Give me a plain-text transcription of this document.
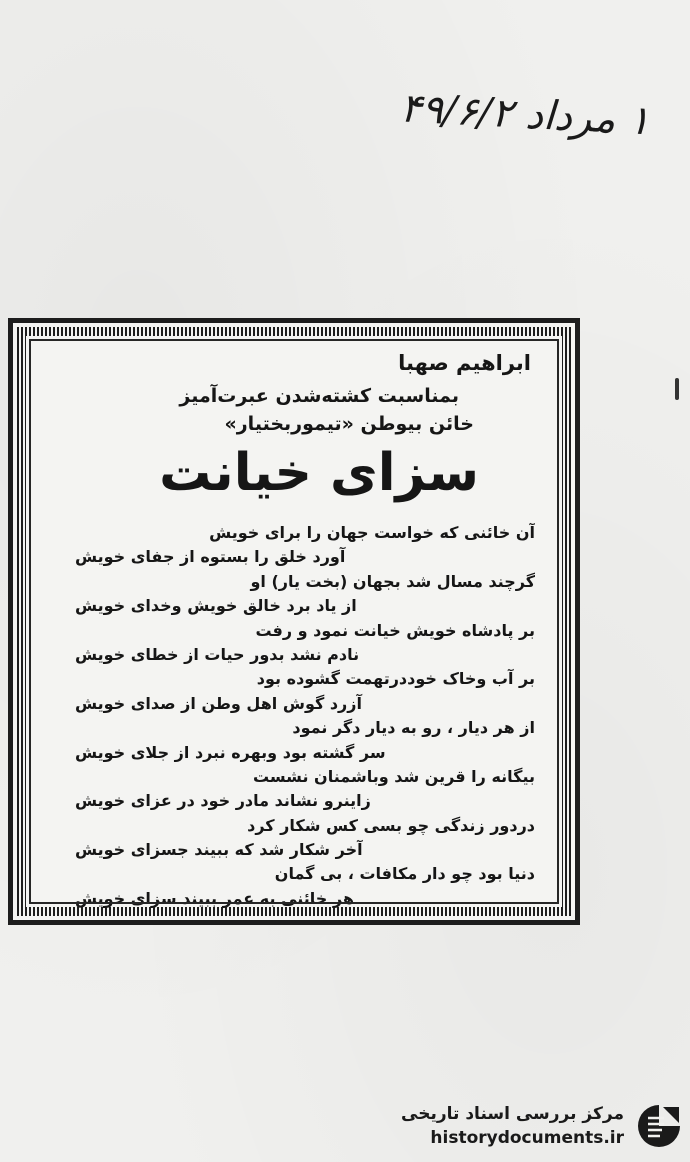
۱ مرداد ۴۹/۶/۲

ابراهیم صهبا

بمناسبت کشته‌شدن عبرت‌آمیز

خائن بیوطن «تیموربختیار»

سزای خیانت
آن خائنی که خواست جهان را برای خویش
آورد خلق را بستوه از جفای خویش
گرچند مسال شد بجهان (بخت یار) او
از یاد برد خالق خویش وخدای خویش
بر پادشاه خویش خیانت نمود و رفت
نادم نشد بدور حیات از خطای خویش
بر آب وخاک خوددرتهمت گشوده بود
آزرد گوش اهل وطن از صدای خویش
از هر دیار ، رو به دیار دگر نمود
سر گشته بود وبهره نبرد از جلای خویش
بیگانه را قرین شد وباشمنان نشست
زاینرو نشاند مادر خود در عزای خویش
دردور زندگی چو بسی کس شکار کرد
آخر شکار شد که ببیند جسزای خویش
دنیا بود چو دار مکافات ، بی گمان
هر خائنی به عمر ببیند سزای خویش
مرکز بررسی اسناد تاریخی
historydocuments.ir
